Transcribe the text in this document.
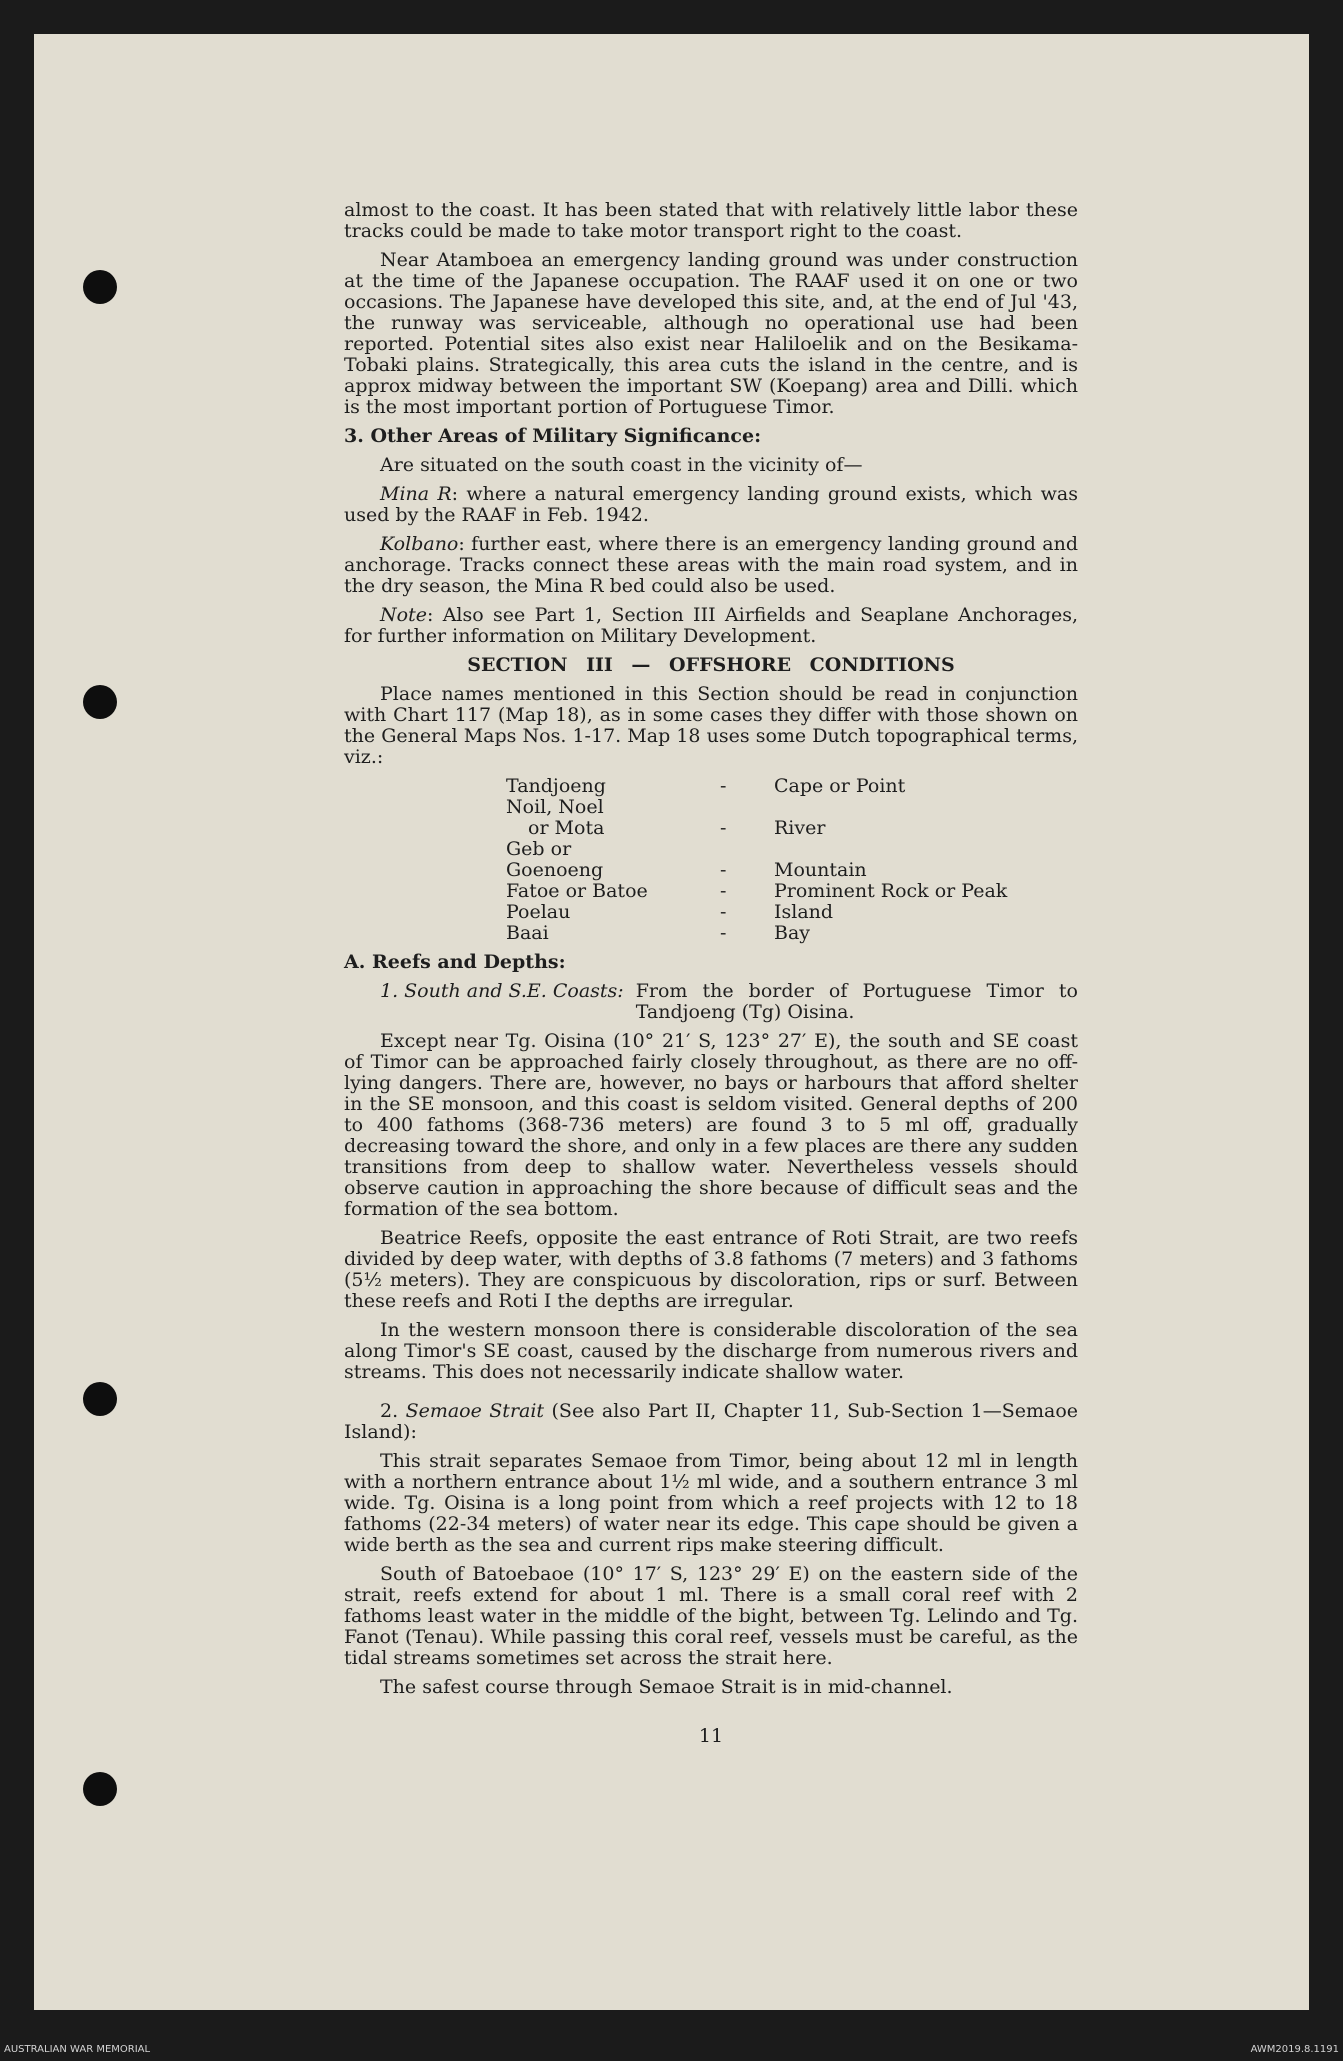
almost to the coast. It has been stated that with relatively little labor these tracks could be made to take motor transport right to the coast.

Near Atamboea an emergency landing ground was under construction at the time of the Japanese occupation. The RAAF used it on one or two occasions. The Japanese have developed this site, and, at the end of Jul '43, the runway was serviceable, although no operational use had been reported. Potential sites also exist near Haliloelik and on the Besikama-Tobaki plains. Strategically, this area cuts the island in the centre, and is approx midway between the important SW (Koepang) area and Dilli. which is the most important portion of Portuguese Timor.

3. Other Areas of Military Significance:

Are situated on the south coast in the vicinity of—

Mina R: where a natural emergency landing ground exists, which was used by the RAAF in Feb. 1942.

Kolbano: further east, where there is an emergency landing ground and anchorage. Tracks connect these areas with the main road system, and in the dry season, the Mina R bed could also be used.

Note: Also see Part 1, Section III Airfields and Seaplane Anchorages, for further information on Military Development.

SECTION III — OFFSHORE CONDITIONS

Place names mentioned in this Section should be read in conjunction with Chart 117 (Map 18), as in some cases they differ with those shown on the General Maps Nos. 1-17. Map 18 uses some Dutch topographical terms, viz.:

Tandjoeng	-	Cape or Point
Noil, Noel		
or Mota	-	River
Geb or		
Goenoeng	-	Mountain
Fatoe or Batoe	-	Prominent Rock or Peak
Poelau	-	Island
Baai	-	Bay

A. Reefs and Depths:

1. South and S.E. Coasts: From the border of Portuguese Timor to Tandjoeng (Tg) Oisina.

Except near Tg. Oisina (10° 21′ S, 123° 27′ E), the south and SE coast of Timor can be approached fairly closely throughout, as there are no off-lying dangers. There are, however, no bays or harbours that afford shelter in the SE monsoon, and this coast is seldom visited. General depths of 200 to 400 fathoms (368-736 meters) are found 3 to 5 ml off, gradually decreasing toward the shore, and only in a few places are there any sudden transitions from deep to shallow water. Nevertheless vessels should observe caution in approaching the shore because of difficult seas and the formation of the sea bottom.

Beatrice Reefs, opposite the east entrance of Roti Strait, are two reefs divided by deep water, with depths of 3.8 fathoms (7 meters) and 3 fathoms (5½ meters). They are conspicuous by discoloration, rips or surf. Between these reefs and Roti I the depths are irregular.

In the western monsoon there is considerable discoloration of the sea along Timor's SE coast, caused by the discharge from numerous rivers and streams. This does not necessarily indicate shallow water.

2. Semaoe Strait (See also Part II, Chapter 11, Sub-Section 1—Semaoe Island):

This strait separates Semaoe from Timor, being about 12 ml in length with a northern entrance about 1½ ml wide, and a southern entrance 3 ml wide. Tg. Oisina is a long point from which a reef projects with 12 to 18 fathoms (22-34 meters) of water near its edge. This cape should be given a wide berth as the sea and current rips make steering difficult.

South of Batoebaoe (10° 17′ S, 123° 29′ E) on the eastern side of the strait, reefs extend for about 1 ml. There is a small coral reef with 2 fathoms least water in the middle of the bight, between Tg. Lelindo and Tg. Fanot (Tenau). While passing this coral reef, vessels must be careful, as the tidal streams sometimes set across the strait here.

The safest course through Semaoe Strait is in mid-channel.

11
AUSTRALIAN WAR MEMORIAL	AWM2019.8.1191
